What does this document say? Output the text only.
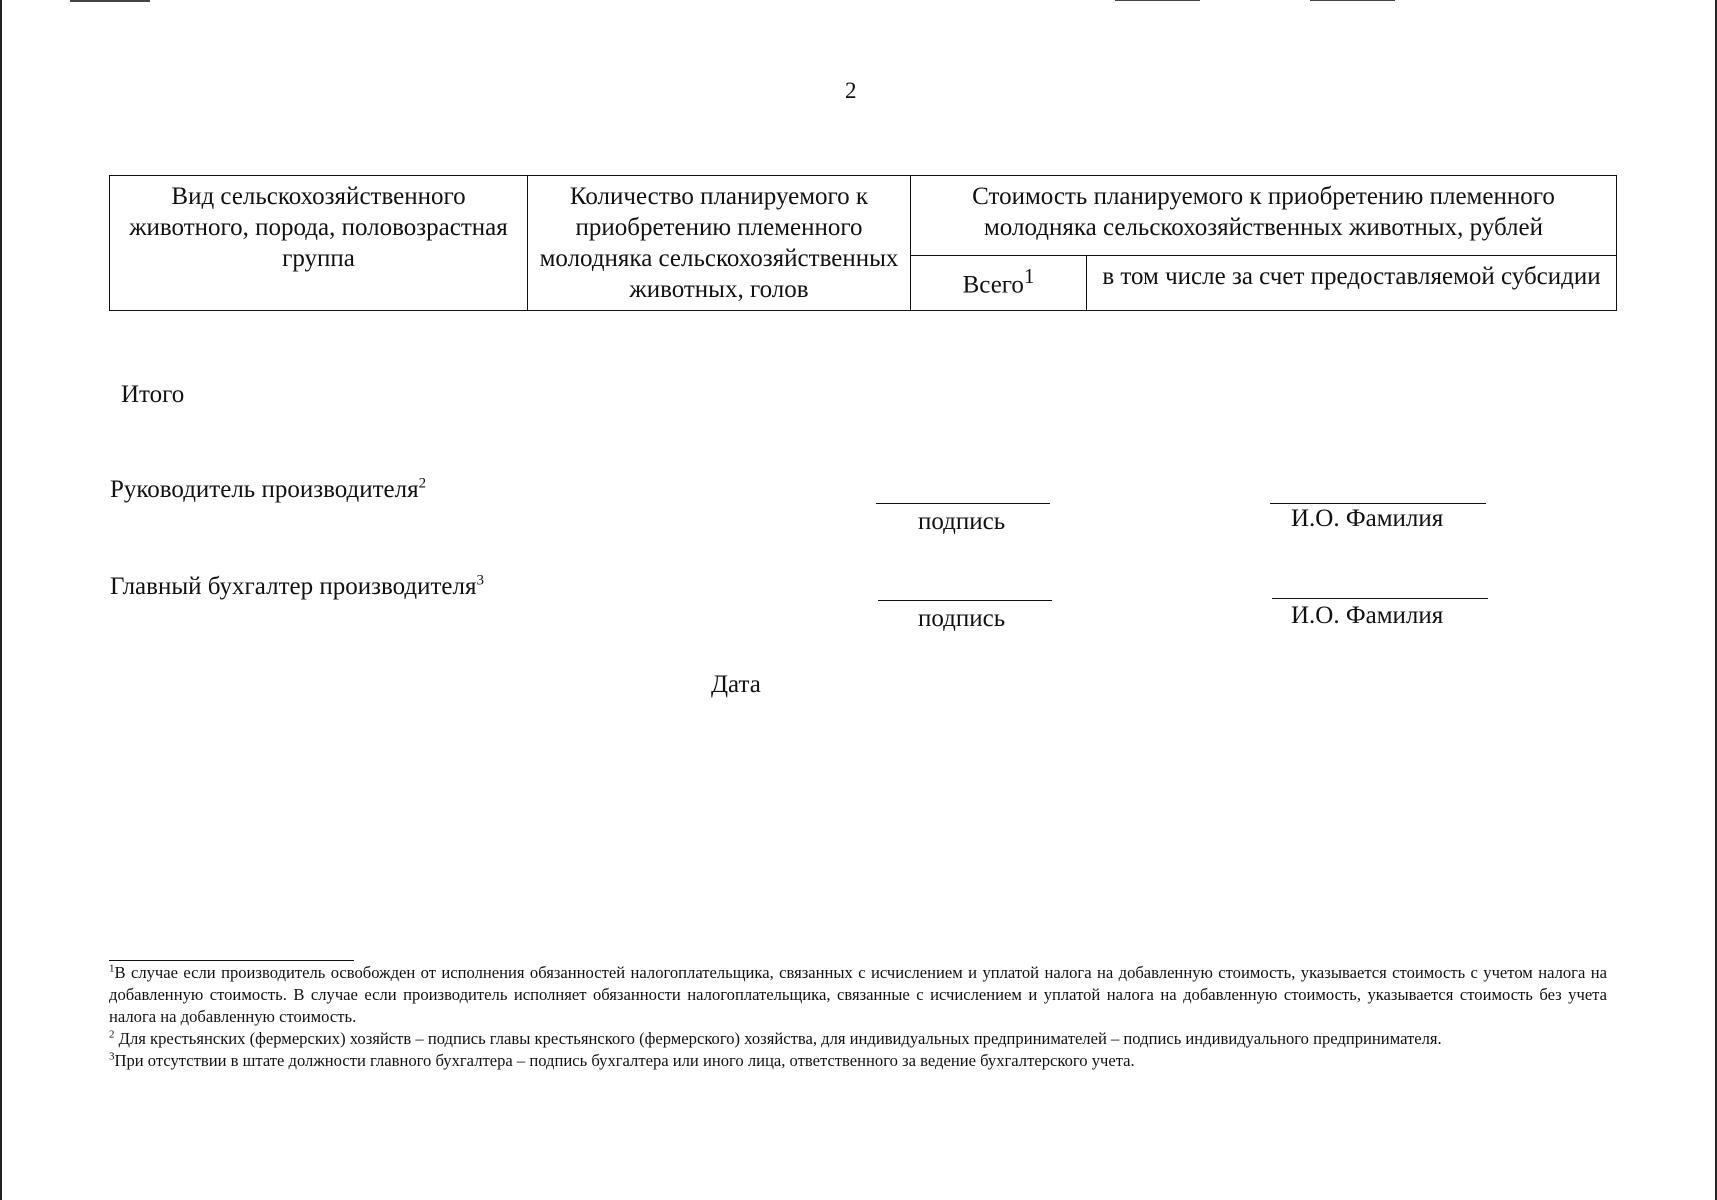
2
Вид сельскохозяйственного животного, порода, половозрастная группа	Количество планируемого к приобретению племенного молодняка сельскохозяйственных животных, голов	Стоимость планируемого к приобретению племенного молодняка сельскохозяйственных животных, рублей	
		Всего$^1$	в том числе за счет предоставляемой субсидии
Итого
Руководитель производителя$^2$
подпись	И.О. Фамилия
Главный бухгалтер производителя$^3$
подпись	И.О. Фамилия
Дата

$^1$В случае если производитель освобожден от исполнения обязанностей налогоплательщика, связанных с исчислением и уплатой налога на добавленную стоимость, указывается стоимость с учетом налога на добавленную стоимость. В случае если производитель исполняет обязанности налогоплательщика, связанные с исчислением и уплатой налога на добавленную стоимость, указывается стоимость без учета налога на добавленную стоимость.

$^2$ Для крестьянских (фермерских) хозяйств – подпись главы крестьянского (фермерского) хозяйства, для индивидуальных предпринимателей – подпись индивидуального предпринимателя.

$^3$При отсутствии в штате должности главного бухгалтера – подпись бухгалтера или иного лица, ответственного за ведение бухгалтерского учета.
